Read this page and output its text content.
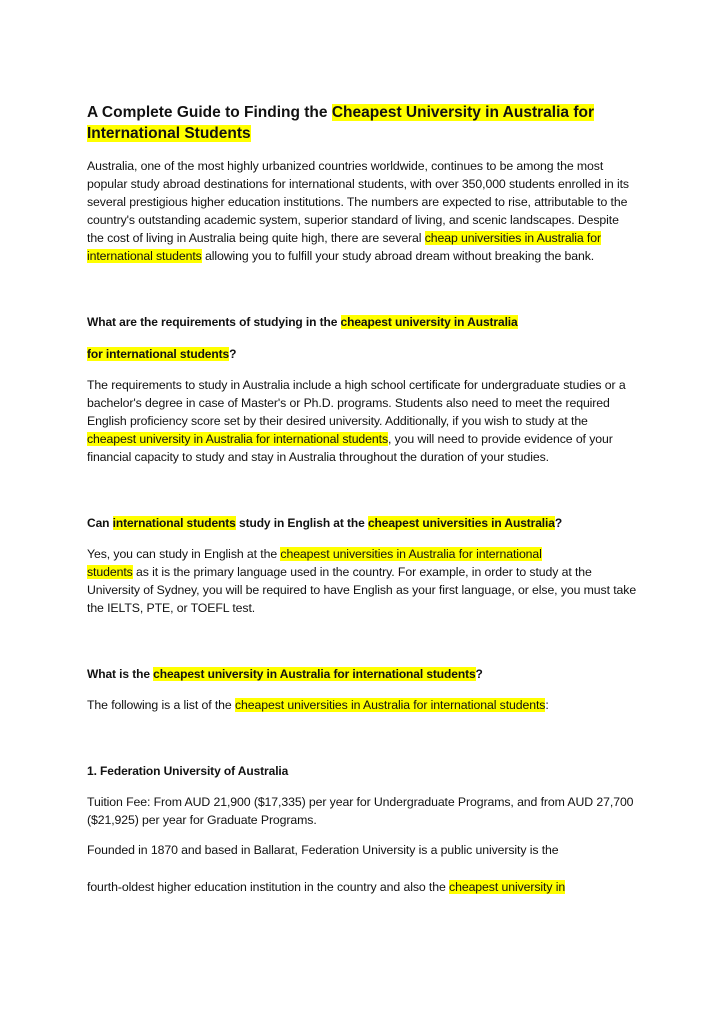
A Complete Guide to Finding the Cheapest University in Australia for
International Students

Australia, one of the most highly urbanized countries worldwide, continues to be among the most popular study abroad destinations for international students, with over 350,000 students enrolled in its several prestigious higher education institutions. The numbers are expected to rise, attributable to the country's outstanding academic system, superior standard of living, and scenic landscapes. Despite the cost of living in Australia being quite high, there are several cheap universities in Australia for international students allowing you to fulfill your study abroad dream without breaking the bank.

What are the requirements of studying in the cheapest university in Australia

for international students?

The requirements to study in Australia include a high school certificate for undergraduate studies or a bachelor's degree in case of Master's or Ph.D. programs. Students also need to meet the required English proficiency score set by their desired university. Additionally, if you wish to study at the cheapest university in Australia for international students, you will need to provide evidence of your financial capacity to study and stay in Australia throughout the duration of your studies.

Can international students study in English at the cheapest universities in Australia?

Yes, you can study in English at the cheapest universities in Australia for international
students as it is the primary language used in the country. For example, in order to study at the University of Sydney, you will be required to have English as your first language, or else, you must take the IELTS, PTE, or TOEFL test.

What is the cheapest university in Australia for international students?

The following is a list of the cheapest universities in Australia for international students:

1. Federation University of Australia

Tuition Fee: From AUD 21,900 ($17,335) per year for Undergraduate Programs, and from AUD 27,700 ($21,925) per year for Graduate Programs.

Founded in 1870 and based in Ballarat, Federation University is a public university is the

fourth-oldest higher education institution in the country and also the cheapest university in
